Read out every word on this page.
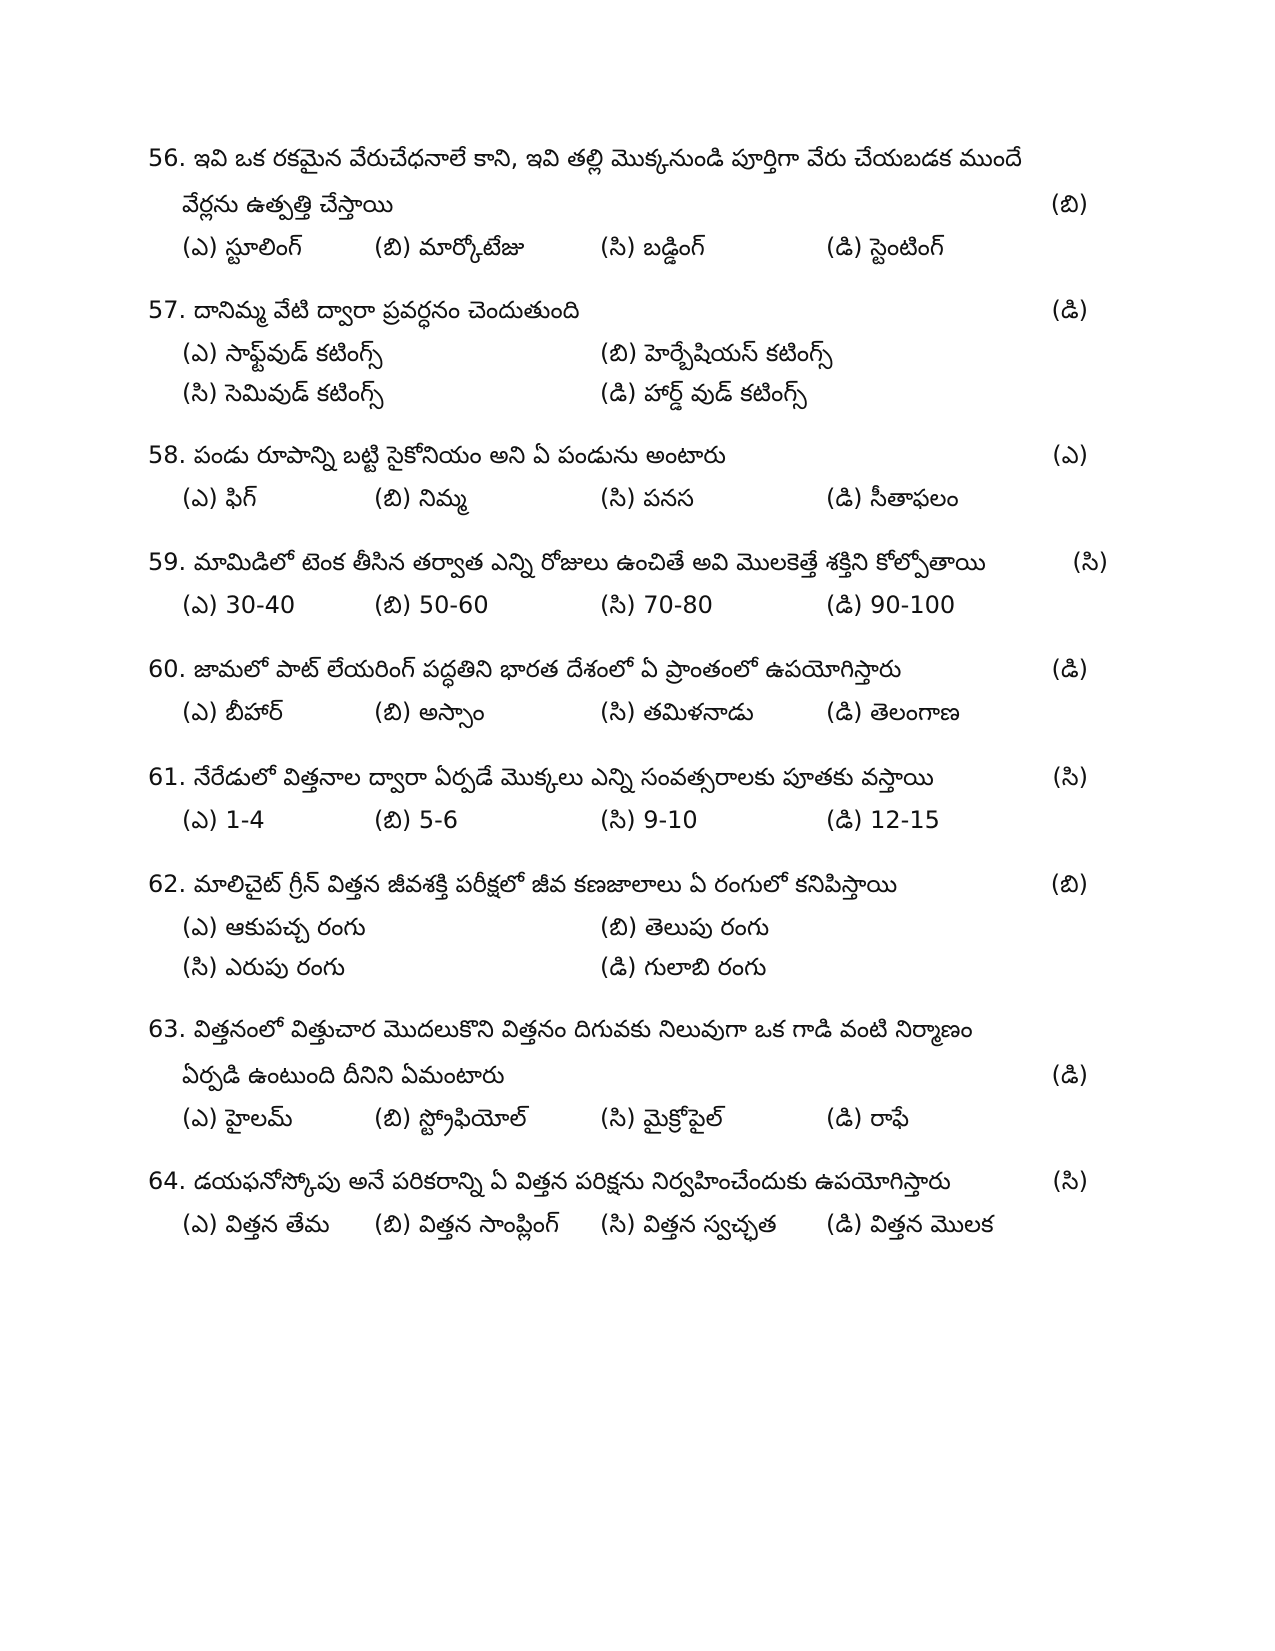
56. ఇవి ఒక రకమైన వేరుచేధనాలే కాని, ఇవి తల్లి మొక్కనుండి పూర్తిగా వేరు చేయబడక ముందే
వేర్లను ఉత్పత్తి చేస్తాయి	(బి)
(ఎ) స్టూలింగ్	(బి) మార్కోటేజు	(సి) బడ్డింగ్	(డి) స్టెంటింగ్
57. దానిమ్మ వేటి ద్వారా ప్రవర్ధనం చెందుతుంది	(డి)
(ఎ) సాఫ్ట్‌వుడ్ కటింగ్స్	(బి) హెర్బేషియస్ కటింగ్స్
(సి) సెమివుడ్ కటింగ్స్	(డి) హార్డ్ వుడ్ కటింగ్స్
58. పండు రూపాన్ని బట్టి సైకోనియం అని ఏ పండును అంటారు	(ఎ)
(ఎ) ఫిగ్	(బి) నిమ్మ	(సి) పనస	(డి) సీతాఫలం
59. మామిడిలో టెంక తీసిన తర్వాత ఎన్ని రోజులు ఉంచితే అవి మొలకెత్తే శక్తిని కోల్పోతాయి	(సి)
(ఎ) 30-40	(బి) 50-60	(సి) 70-80	(డి) 90-100
60. జామలో పాట్ లేయరింగ్ పద్ధతిని భారత దేశంలో ఏ ప్రాంతంలో ఉపయోగిస్తారు	(డి)
(ఎ) బీహార్	(బి) అస్సాం	(సి) తమిళనాడు	(డి) తెలంగాణ
61. నేరేడులో విత్తనాల ద్వారా ఏర్పడే మొక్కలు ఎన్ని సంవత్సరాలకు పూతకు వస్తాయి	(సి)
(ఎ) 1-4	(బి) 5-6	(సి) 9-10	(డి) 12-15
62. మాలిచైట్ గ్రీన్ విత్తన జీవశక్తి పరీక్షలో జీవ కణజాలాలు ఏ రంగులో కనిపిస్తాయి	(బి)
(ఎ) ఆకుపచ్చ రంగు	(బి) తెలుపు రంగు
(సి) ఎరుపు రంగు	(డి) గులాబి రంగు
63. విత్తనంలో విత్తుచార మొదలుకొని విత్తనం దిగువకు నిలువుగా ఒక గాడి వంటి నిర్మాణం
ఏర్పడి ఉంటుంది దీనిని ఏమంటారు	(డి)
(ఎ) హైలమ్	(బి) స్ట్రోఫియోల్	(సి) మైక్రోపైల్	(డి) రాఫే
64. డయఫనోస్కోపు అనే పరికరాన్ని ఏ విత్తన పరిక్షను నిర్వహించేందుకు ఉపయోగిస్తారు	(సి)
(ఎ) విత్తన తేమ (బి) విత్తన సాంప్లింగ్ (సి) విత్తన స్వచ్ఛత (డి) విత్తన మొలక
